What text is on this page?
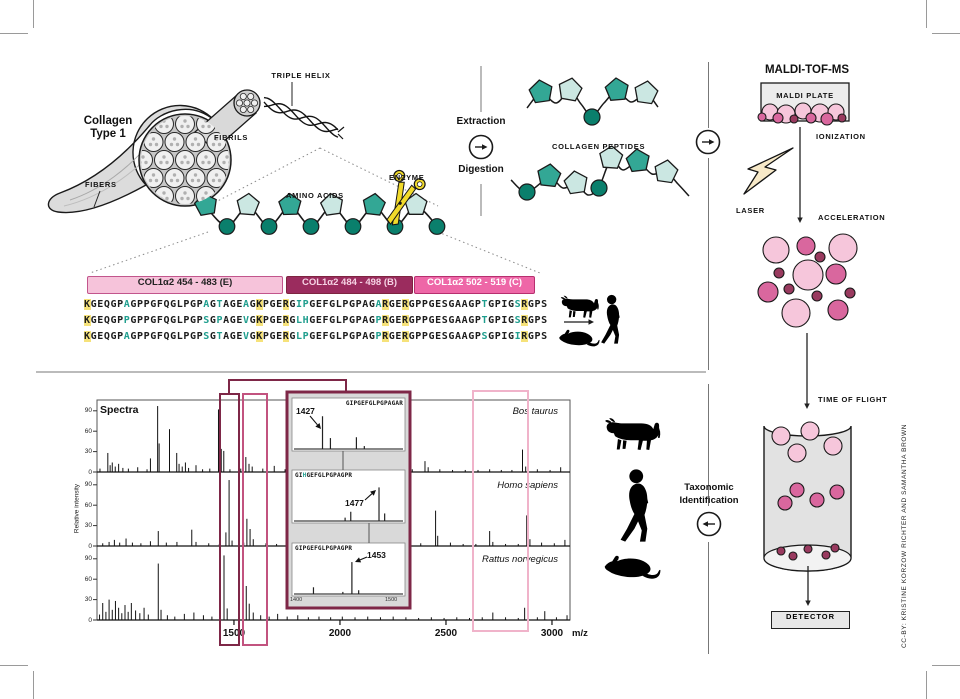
Collagen
Type 1
FIBERS
FIBRILS
TRIPLE HELIX
AMINO ACIDS
ENZYME
Extraction
Digestion
COLLAGEN PEPTIDES
MALDI-TOF-MS
MALDI PLATE
IONIZATION
LASER
ACCELERATION
TIME OF FLIGHT
DETECTOR
Taxonomic
Identification
COL1α2 454 - 483 (E)	COL1α2 484 - 498 (B)	COL1α2 502 - 519 (C)
KGEQGPAGPPGFQGLPGPAGTAGEAGKPGERGIPGEFGLPGPAGARGERGPPGESGAAGPTGPIGSRGPS
KGEQGPPGPPGFQGLPGPSGPAGEVGKPGERGLHGEFGLPGPAGPRGERGPPGESGAAGPTGPIGSRGPS
KGEQGPAGPPGFQGLPGPSGTAGEVGKPGERGLPGEFGLPGPAGPRGERGPPGESGAAGPSGPIGIRGPS
Spectra
Relative intensity
Bos taurus
Homo sapiens
Rattus norvegicus
m/z
1500	2000	2500	3000
0
30
60
90
0
30
60
90
0
30
60
90
GIPGEFGLPGPAGAR
GIHGEFGLPGPAGPR
GIPGEFGLPGPAGPR
1427
1477
1453
1400	1500	CC-BY: KRISTINE KORZOW RICHTER AND SAMANTHA BROWN
